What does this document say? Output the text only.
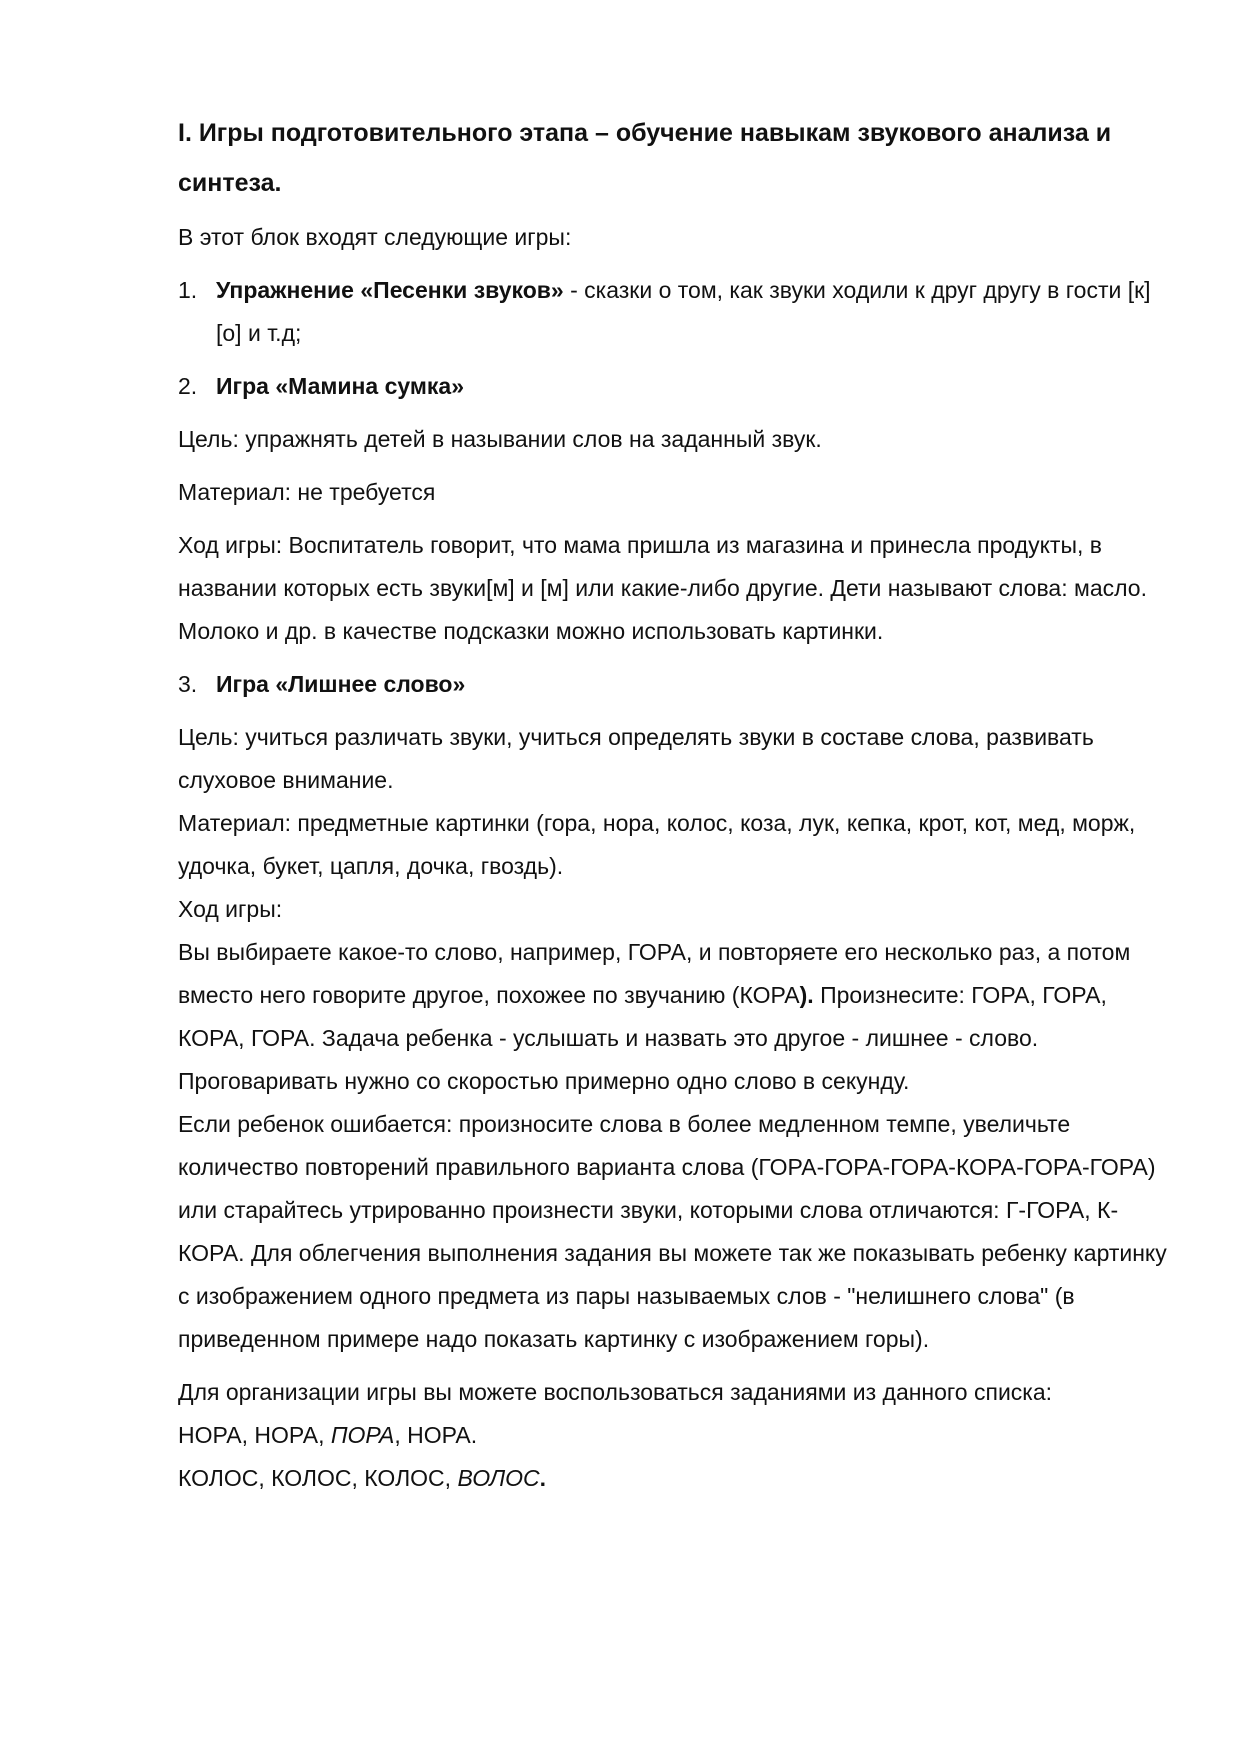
I. Игры подготовительного этапа – обучение навыкам звукового анализа и синтеза.

В этот блок входят следующие игры:

1. Упражнение «Песенки звуков» - сказки о том, как звуки ходили к друг другу в гости [к] [о] и т.д;
2. Игра «Мамина сумка»

Цель: упражнять детей в назывании слов на заданный звук.

Материал: не требуется

Ход игры: Воспитатель говорит, что мама пришла из магазина и принесла продукты, в названии которых есть звуки[м] и [м] или какие-либо другие. Дети называют слова: масло. Молоко и др. в качестве подсказки можно использовать картинки.

3. Игра «Лишнее слово»

Цель: учиться различать звуки, учиться определять звуки в составе слова, развивать слуховое внимание.

Материал: предметные картинки (гора, нора, колос, коза, лук, кепка, крот, кот, мед, морж, удочка, букет, цапля, дочка, гвоздь).

Ход игры:

Вы выбираете какое-то слово, например, ГОРА, и повторяете его несколько раз, а потом вместо него говорите другое, похожее по звучанию (КОРА). Произнесите: ГОРА, ГОРА, КОРА, ГОРА. Задача ребенка - услышать и назвать это другое - лишнее - слово. Проговаривать нужно со скоростью примерно одно слово в секунду.

Если ребенок ошибается: произносите слова в более медленном темпе, увеличьте количество повторений правильного варианта слова (ГОРА-ГОРА-ГОРА-КОРА-ГОРА-ГОРА) или старайтесь утрированно произнести звуки, которыми слова отличаются: Г-ГОРА, К-КОРА. Для облегчения выполнения задания вы можете так же показывать ребенку картинку с изображением одного предмета из пары называемых слов - "нелишнего слова" (в приведенном примере надо показать картинку с изображением горы).

Для организации игры вы можете воспользоваться заданиями из данного списка:

НОРА, НОРА, ПОРА, НОРА.

КОЛОС, КОЛОС, КОЛОС, ВОЛОС.
